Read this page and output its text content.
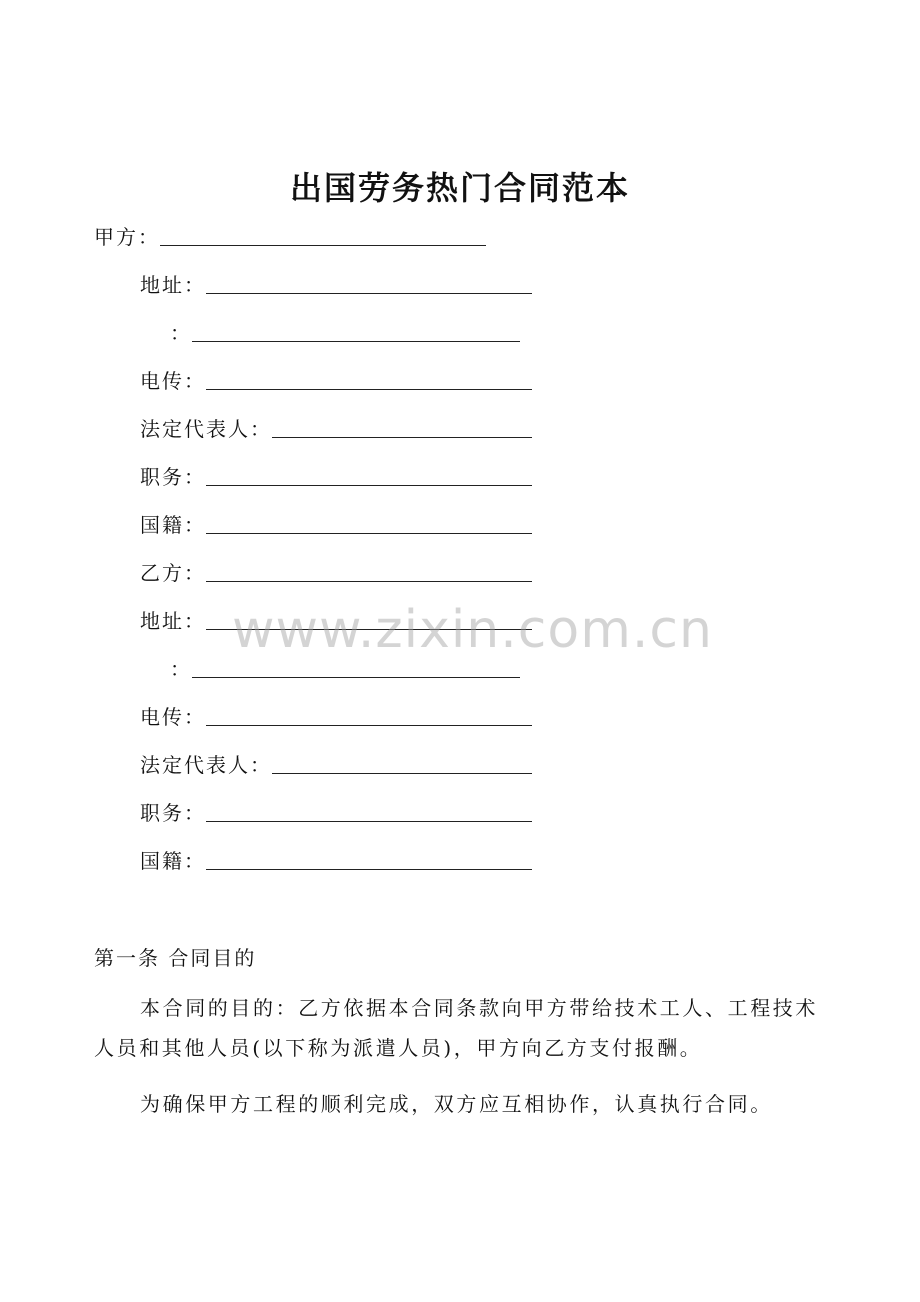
出国劳务热门合同范本
甲方：
地址：
：
电传：
法定代表人：
职务：
国籍：
乙方：
地址：
：
电传：
法定代表人：
职务：
国籍：
第一条 合同目的
本合同的目的：乙方依据本合同条款向甲方带给技术工人、工程技术人员和其他人员(以下称为派遣人员)，甲方向乙方支付报酬。
为确保甲方工程的顺利完成，双方应互相协作，认真执行合同。
www.zixin.com.cn
